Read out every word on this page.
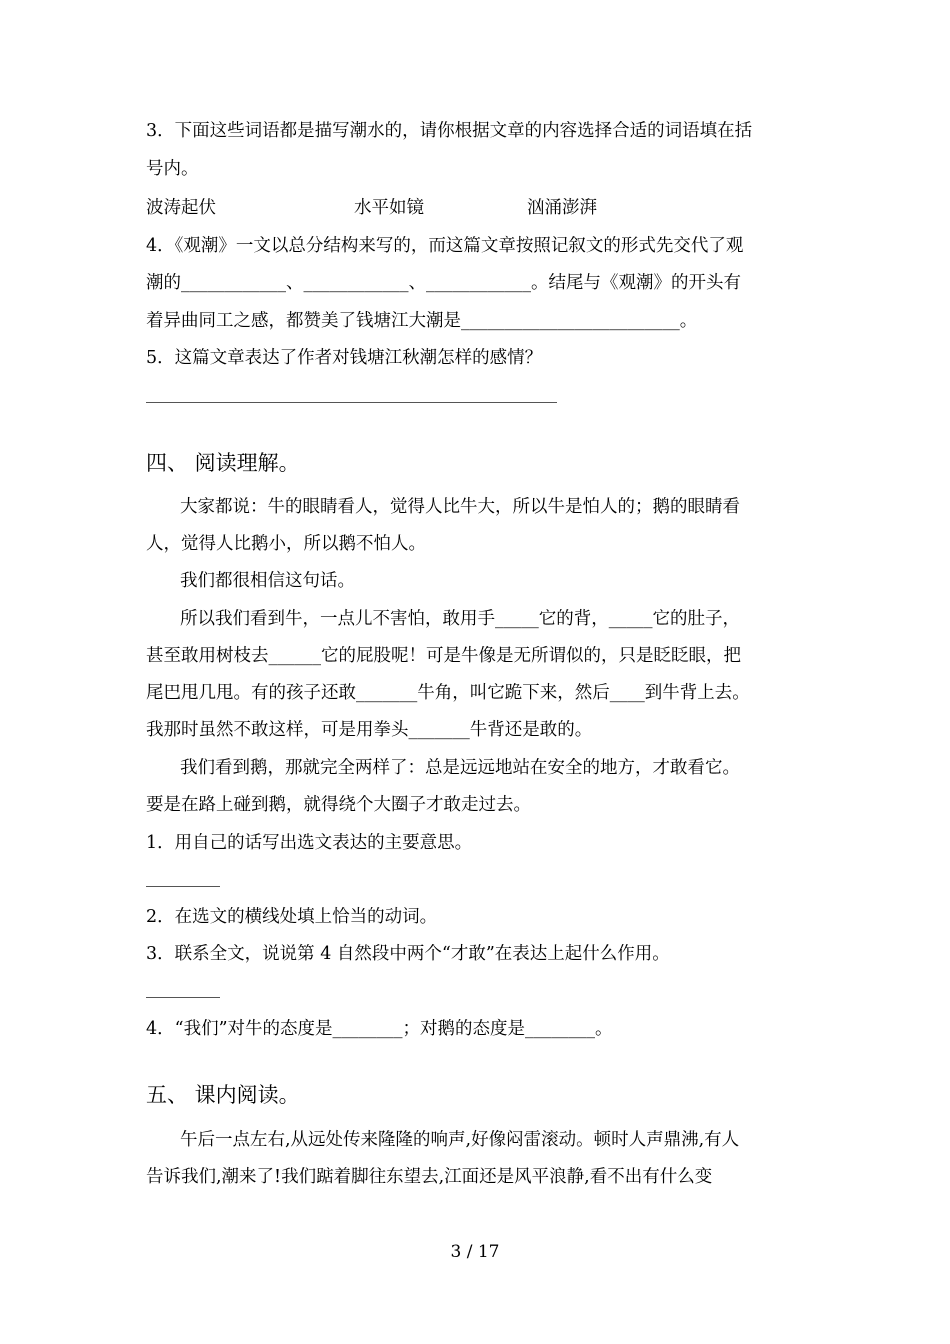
3．下面这些词语都是描写潮水的，请你根据文章的内容选择合适的词语填在括
号内。
波涛起伏	水平如镜	汹涌澎湃
4．《观潮》一文以总分结构来写的，而这篇文章按照记叙文的形式先交代了观
潮的____________、____________、____________。结尾与《观潮》的开头有
着异曲同工之感，都赞美了钱塘江大潮是_________________________。
5．这篇文章表达了作者对钱塘江秋潮怎样的感情？
四、 阅读理解。
大家都说：牛的眼睛看人，觉得人比牛大，所以牛是怕人的；鹅的眼睛看
人，觉得人比鹅小，所以鹅不怕人。
我们都很相信这句话。
所以我们看到牛，一点儿不害怕，敢用手_____它的背，_____它的肚子，
甚至敢用树枝去______它的屁股呢！可是牛像是无所谓似的，只是眨眨眼，把
尾巴甩几甩。有的孩子还敢_______牛角，叫它跪下来，然后____到牛背上去。
我那时虽然不敢这样，可是用拳头_______牛背还是敢的。
我们看到鹅，那就完全两样了：总是远远地站在安全的地方，才敢看它。
要是在路上碰到鹅，就得绕个大圈子才敢走过去。
1．用自己的话写出选文表达的主要意思。
2．在选文的横线处填上恰当的动词。
3．联系全文，说说第 4 自然段中两个“才敢”在表达上起什么作用。
4．“我们”对牛的态度是________；对鹅的态度是________。
五、 课内阅读。
午后一点左右,从远处传来隆隆的响声,好像闷雷滚动。顿时人声鼎沸,有人
告诉我们,潮来了!我们踮着脚往东望去,江面还是风平浪静,看不出有什么变
3 / 17
